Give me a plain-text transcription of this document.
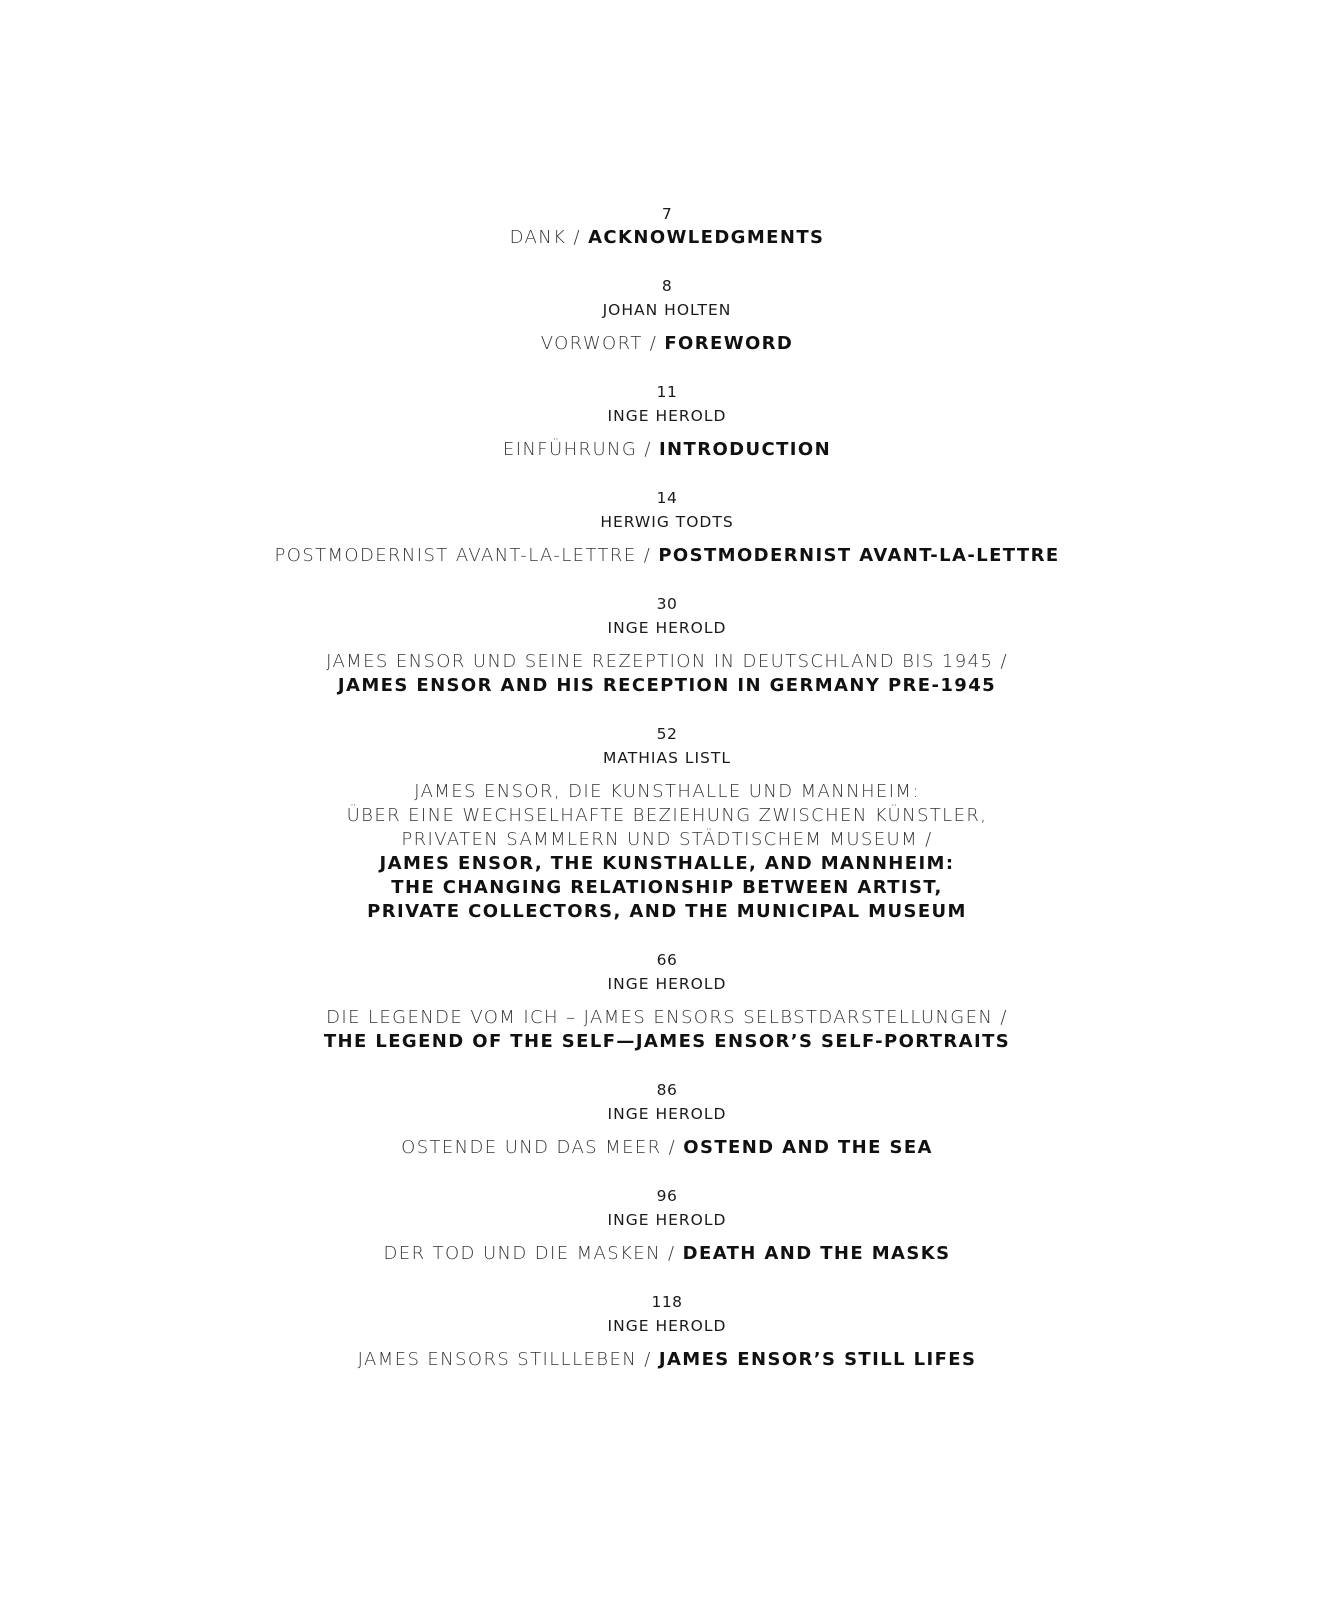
7
DANK / ACKNOWLEDGMENTS
8
JOHAN HOLTEN
VORWORT / FOREWORD
11
INGE HEROLD
EINFÜHRUNG / INTRODUCTION
14
HERWIG TODTS
POSTMODERNIST AVANT-LA-LETTRE / POSTMODERNIST AVANT-LA-LETTRE
30
INGE HEROLD
JAMES ENSOR UND SEINE REZEPTION IN DEUTSCHLAND BIS 1945 /
JAMES ENSOR AND HIS RECEPTION IN GERMANY PRE-1945
52
MATHIAS LISTL
JAMES ENSOR, DIE KUNSTHALLE UND MANNHEIM:
ÜBER EINE WECHSELHAFTE BEZIEHUNG ZWISCHEN KÜNSTLER,
PRIVATEN SAMMLERN UND STÄDTISCHEM MUSEUM /
JAMES ENSOR, THE KUNSTHALLE, AND MANNHEIM:
THE CHANGING RELATIONSHIP BETWEEN ARTIST,
PRIVATE COLLECTORS, AND THE MUNICIPAL MUSEUM
66
INGE HEROLD
DIE LEGENDE VOM ICH – JAMES ENSORS SELBSTDARSTELLUNGEN /
THE LEGEND OF THE SELF—JAMES ENSOR’S SELF-PORTRAITS
86
INGE HEROLD
OSTENDE UND DAS MEER / OSTEND AND THE SEA
96
INGE HEROLD
DER TOD UND DIE MASKEN / DEATH AND THE MASKS
118
INGE HEROLD
JAMES ENSORS STILLLEBEN / JAMES ENSOR’S STILL LIFES
